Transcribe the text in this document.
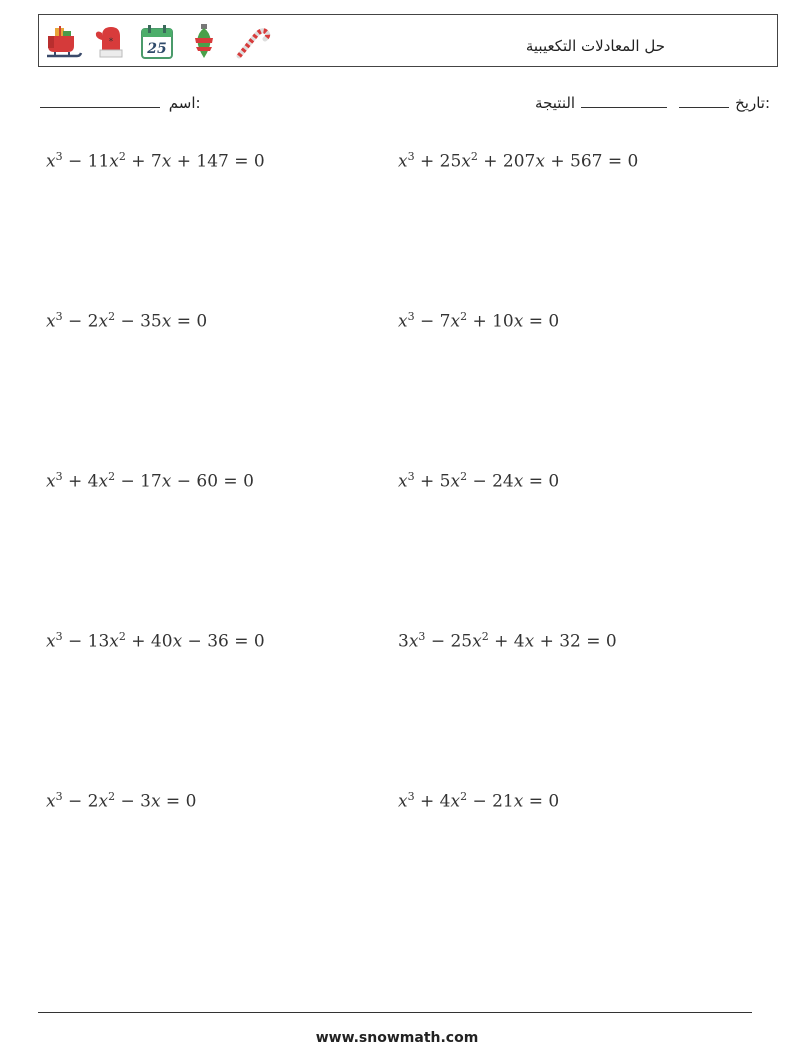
* 25	حل المعادلات التكعيبية
:تاريخ
النتيجة
:اسم
$x^3 - 11x^2 + 7x + 147 = 0$	$x^3 + 25x^2 + 207x + 567 = 0$
$x^3 - 2x^2 - 35x = 0$	$x^3 - 7x^2 + 10x = 0$
$x^3 + 4x^2 - 17x - 60 = 0$	$x^3 + 5x^2 - 24x = 0$
$x^3 - 13x^2 + 40x - 36 = 0$	$3x^3 - 25x^2 + 4x + 32 = 0$
$x^3 - 2x^2 - 3x = 0$	$x^3 + 4x^2 - 21x = 0$
www.snowmath.com
